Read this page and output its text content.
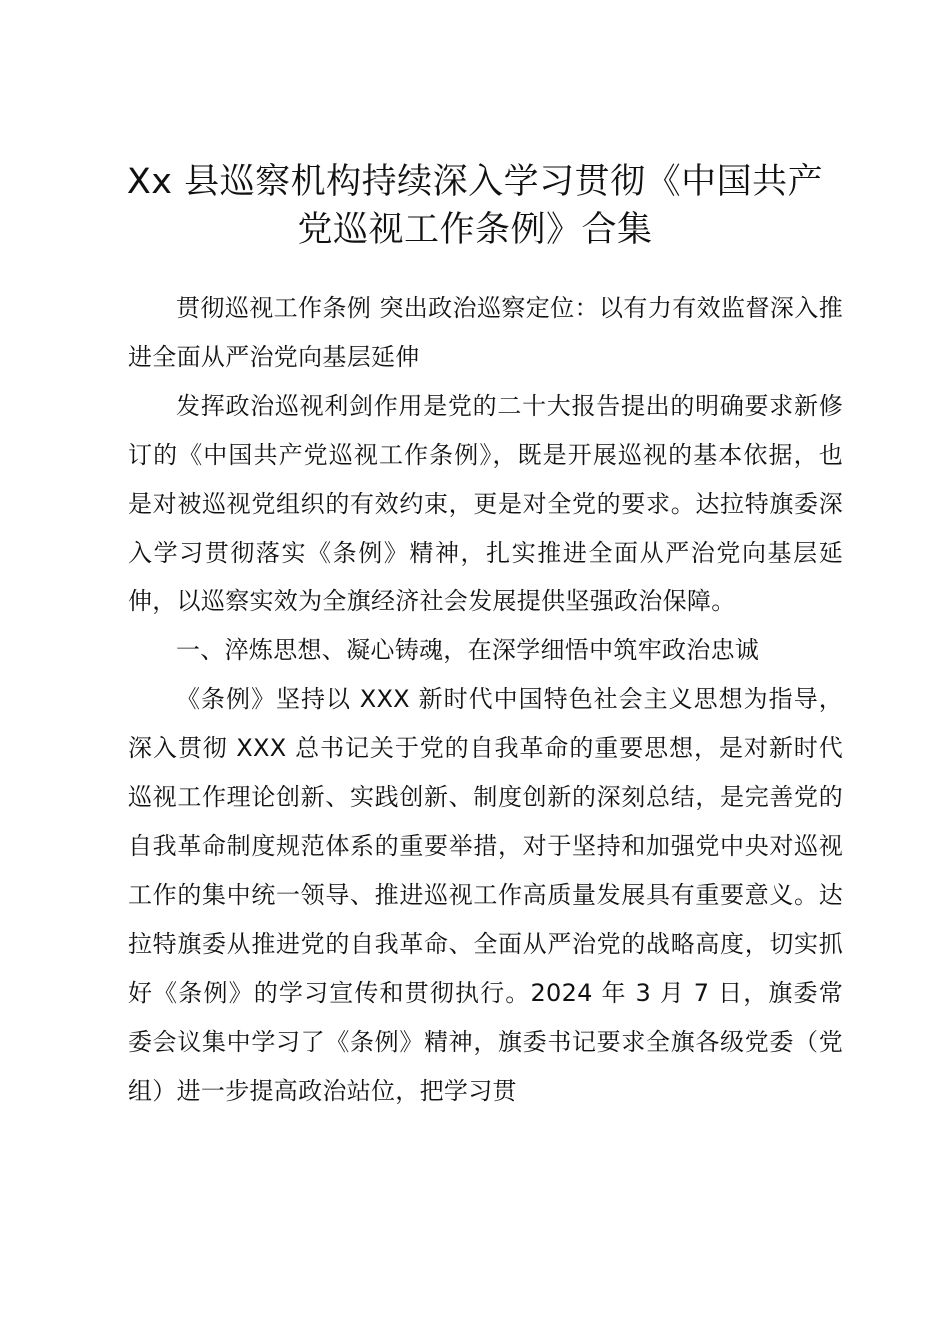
Xx 县巡察机构持续深入学习贯彻《中国共产党巡视工作条例》合集

贯彻巡视工作条例 突出政治巡察定位：以有力有效监督深入推进全面从严治党向基层延伸

发挥政治巡视利剑作用是党的二十大报告提出的明确要求新修订的《中国共产党巡视工作条例》，既是开展巡视的基本依据，也是对被巡视党组织的有效约束，更是对全党的要求。达拉特旗委深入学习贯彻落实《条例》精神，扎实推进全面从严治党向基层延伸，以巡察实效为全旗经济社会发展提供坚强政治保障。

一、淬炼思想、凝心铸魂，在深学细悟中筑牢政治忠诚

《条例》坚持以 XXX 新时代中国特色社会主义思想为指导，深入贯彻 XXX 总书记关于党的自我革命的重要思想，是对新时代巡视工作理论创新、实践创新、制度创新的深刻总结，是完善党的自我革命制度规范体系的重要举措，对于坚持和加强党中央对巡视工作的集中统一领导、推进巡视工作高质量发展具有重要意义。达拉特旗委从推进党的自我革命、全面从严治党的战略高度，切实抓好《条例》的学习宣传和贯彻执行。2024 年 3 月 7 日，旗委常委会议集中学习了《条例》精神，旗委书记要求全旗各级党委（党组）进一步提高政治站位，把学习贯
